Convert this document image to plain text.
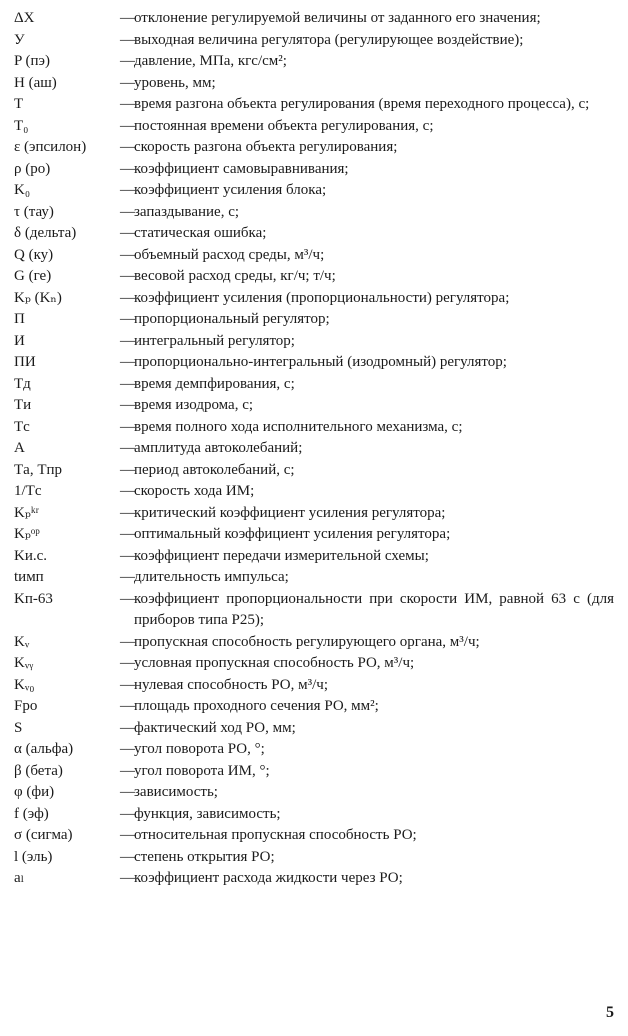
ΔX	— отклонение регулируемой величины от заданного его значения;
У	— выходная величина регулятора (регулирующее воздействие);
P (пэ)	— давление, МПа, кгс/см²;
H (аш)	— уровень, мм;
T	— время разгона объекта регулирования (время переходного процесса), с;
T₀	— постоянная времени объекта регулирования, с;
ε (эпсилон)	— скорость разгона объекта регулирования;
ρ (ро)	— коэффициент самовыравнивания;
K₀	— коэффициент усиления блока;
τ (тау)	— запаздывание, с;
δ (дельта)	— статическая ошибка;
Q (ку)	— объемный расход среды, м³/ч;
G (ге)	— весовой расход среды, кг/ч; т/ч;
Kₚ (Kₙ)	— коэффициент усиления (пропорциональности) регулятора;
П	— пропорциональный регулятор;
И	— интегральный регулятор;
ПИ	— пропорционально-интегральный (изодромный) регулятор;
Tд	— время демпфирования, с;
Tи	— время изодрома, с;
Tс	— время полного хода исполнительного механизма, с;
A	— амплитуда автоколебаний;
Tа, Tпр	— период автоколебаний, с;
1/Tс	— скорость хода ИМ;
Kₚᵏʳ	— критический коэффициент усиления регулятора;
Kₚᵒᵖ	— оптимальный коэффициент усиления регулятора;
Kи.с.	— коэффициент передачи измерительной схемы;
tимп	— длительность импульса;
Kп-63	— коэффициент пропорциональности при скорости ИМ, равной 63 с (для приборов типа Р25);
Kᵥ	— пропускная способность регулирующего органа, м³/ч;
Kᵥᵧ	— условная пропускная способность РО, м³/ч;
Kᵥ₀	— нулевая способность РО, м³/ч;
Fро	— площадь проходного сечения РО, мм²;
S	— фактический ход РО, мм;
α (альфа)	— угол поворота РО, °;
β (бета)	— угол поворота ИМ, °;
φ (фи)	— зависимость;
f (эф)	— функция, зависимость;
σ (сигма)	— относительная пропускная способность РО;
l (эль)	— степень открытия РО;
aₗ	— коэффициент расхода жидкости через РО;
5
